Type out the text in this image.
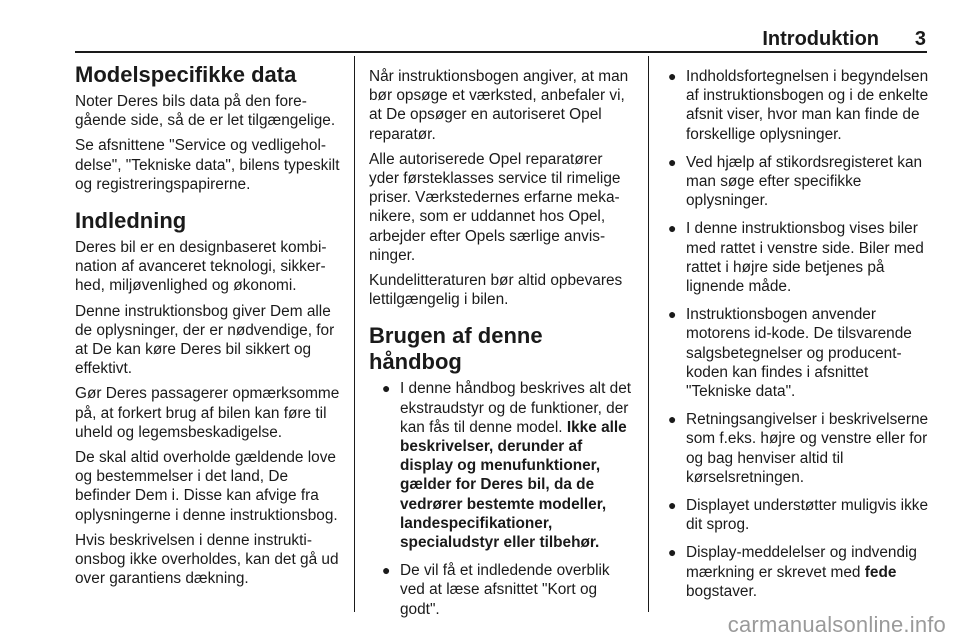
Introduktion 3
Modelspecifikke data

Noter Deres bils data på den foregående side, så de er let tilgængelige.

Se afsnittene "Service og vedligeholdelse", "Tekniske data", bilens typeskilt og registreringspapirerne.

Indledning

Deres bil er en designbaseret kombination af avanceret teknologi, sikkerhed, miljøvenlighed og økonomi.

Denne instruktionsbog giver Dem alle de oplysninger, der er nødvendige, for at De kan køre Deres bil sikkert og effektivt.

Gør Deres passagerer opmærksomme på, at forkert brug af bilen kan føre til uheld og legemsbeskadigelse.

De skal altid overholde gældende love og bestemmelser i det land, De befinder Dem i. Disse kan afvige fra oplysningerne i denne instruktionsbog.

Hvis beskrivelsen i denne instruktionsbog ikke overholdes, kan det gå ud over garantiens dækning.

Når instruktionsbogen angiver, at man bør opsøge et værksted, anbefaler vi, at De opsøger en autoriseret Opel reparatør.

Alle autoriserede Opel reparatører yder førsteklasses service til rimelige priser. Værkstedernes erfarne mekanikere, som er uddannet hos Opel, arbejder efter Opels særlige anvisninger.

Kundelitteraturen bør altid opbevares lettilgængelig i bilen.

Brugen af denne håndbog
● I denne håndbog beskrives alt det ekstraudstyr og de funktioner, der kan fås til denne model. Ikke alle beskrivelser, derunder af display og menufunktioner, gælder for Deres bil, da de vedrører bestemte modeller, landespecifikationer, specialudstyr eller tilbehør.
● De vil få et indledende overblik ved at læse afsnittet "Kort og godt".
● Indholdsfortegnelsen i begyndelsen af instruktionsbogen og i de enkelte afsnit viser, hvor man kan finde de forskellige oplysninger.
● Ved hjælp af stikordsregisteret kan man søge efter specifikke oplysninger.
● I denne instruktionsbog vises biler med rattet i venstre side. Biler med rattet i højre side betjenes på lignende måde.
● Instruktionsbogen anvender motorens id-kode. De tilsvarende salgsbetegnelser og producentkoden kan findes i afsnittet "Tekniske data".
● Retningsangivelser i beskrivelserne som f.eks. højre og venstre eller for og bag henviser altid til kørselsretningen.
● Displayet understøtter muligvis ikke dit sprog.
● Display-meddelelser og indvendig mærkning er skrevet med fede bogstaver.
carmanualsonline.info
